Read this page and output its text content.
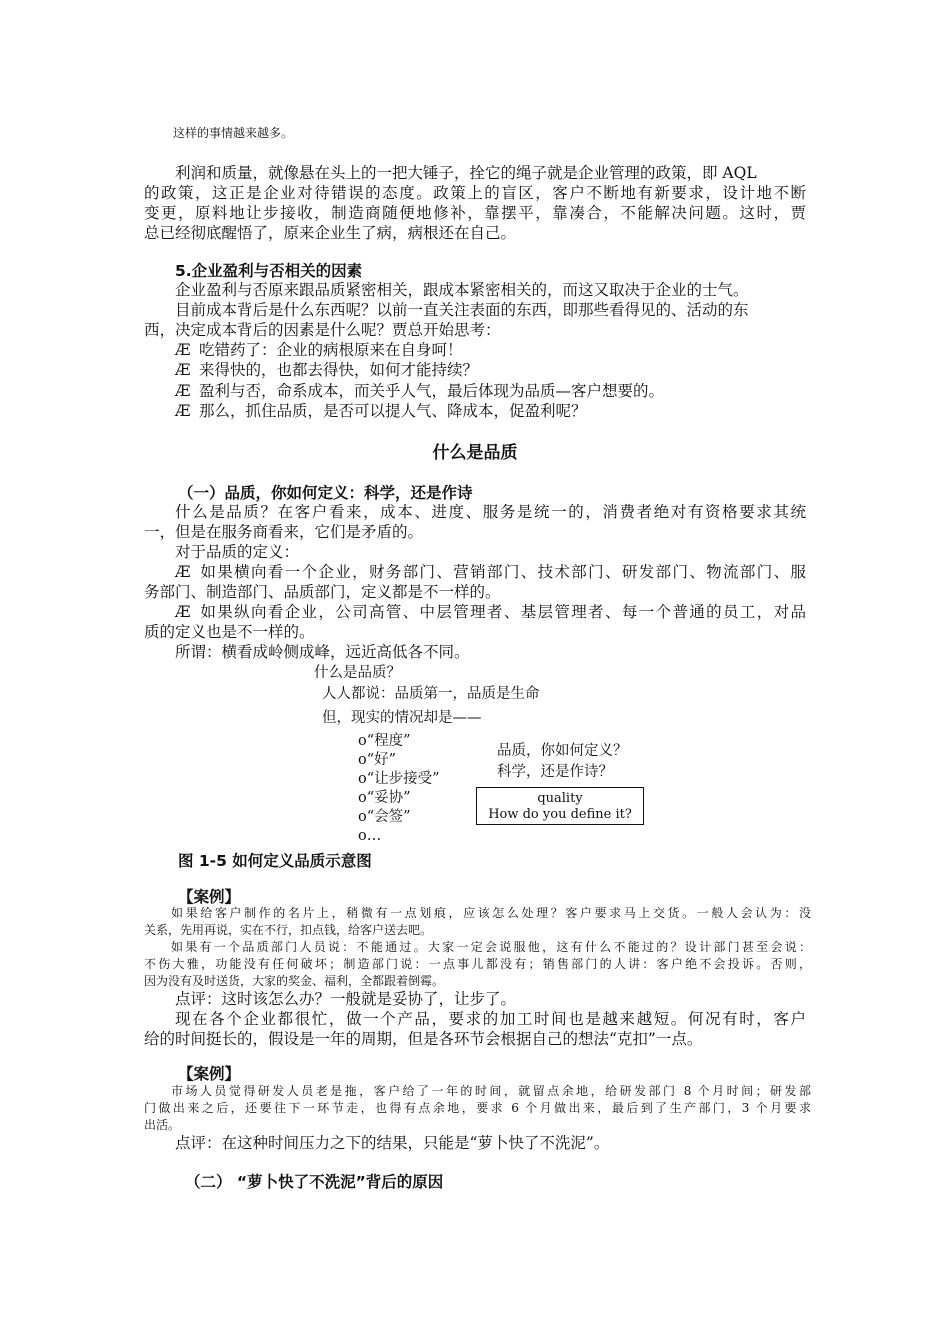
这样的事情越来越多。
利润和质量，就像悬在头上的一把大锤子，拴它的绳子就是企业管理的政策，即 AQL
的政策，这正是企业对待错误的态度。政策上的盲区，客户不断地有新要求，设计地不断
变更，原料地让步接收，制造商随便地修补，靠摆平，靠凑合，不能解决问题。这时，贾
总已经彻底醒悟了，原来企业生了病，病根还在自己。
5.企业盈利与否相关的因素
企业盈利与否原来跟品质紧密相关，跟成本紧密相关的，而这又取决于企业的士气。
目前成本背后是什么东西呢？以前一直关注表面的东西，即那些看得见的、活动的东
西，决定成本背后的因素是什么呢？贾总开始思考：
Æ 吃错药了：企业的病根原来在自身呵！
Æ 来得快的，也都去得快，如何才能持续？
Æ 盈利与否，命系成本，而关乎人气，最后体现为品质—客户想要的。
Æ 那么，抓住品质，是否可以提人气、降成本，促盈利呢？
什么是品质
（一）品质，你如何定义：科学，还是作诗
什么是品质？在客户看来，成本、进度、服务是统一的，消费者绝对有资格要求其统
一，但是在服务商看来，它们是矛盾的。
对于品质的定义：
Æ 如果横向看一个企业，财务部门、营销部门、技术部门、研发部门、物流部门、服
务部门、制造部门、品质部门，定义都是不一样的。
Æ 如果纵向看企业，公司高管、中层管理者、基层管理者、每一个普通的员工，对品
质的定义也是不一样的。
所谓：横看成岭侧成峰，远近高低各不同。
什么是品质？
人人都说：品质第一，品质是生命
但，现实的情况却是——
o“程度”
o“好”
o“让步接受”
o“妥协”
o“会签”
o…
品质，你如何定义？
科学，还是作诗？
quality
How do you define it?
图 1-5 如何定义品质示意图
【案例】
如果给客户制作的名片上，稍微有一点划痕，应该怎么处理？客户要求马上交货。一般人会认为：没
关系，先用再说，实在不行，扣点钱，给客户送去吧。
如果有一个品质部门人员说：不能通过。大家一定会说服他，这有什么不能过的？设计部门甚至会说：
不伤大雅，功能没有任何破坏；制造部门说：一点事儿都没有；销售部门的人讲：客户绝不会投诉。否则，
因为没有及时送货，大家的奖金、福利，全都跟着倒霉。
点评：这时该怎么办？一般就是妥协了，让步了。
现在各个企业都很忙，做一个产品，要求的加工时间也是越来越短。何况有时，客户
给的时间挺长的，假设是一年的周期，但是各环节会根据自己的想法“克扣”一点。
【案例】
市场人员觉得研发人员老是拖，客户给了一年的时间，就留点余地，给研发部门 8 个月时间；研发部
门做出来之后，还要往下一环节走，也得有点余地，要求 6 个月做出来，最后到了生产部门，3 个月要求
出活。
点评：在这种时间压力之下的结果，只能是“萝卜快了不洗泥”。
（二） “萝卜快了不洗泥”背后的原因
